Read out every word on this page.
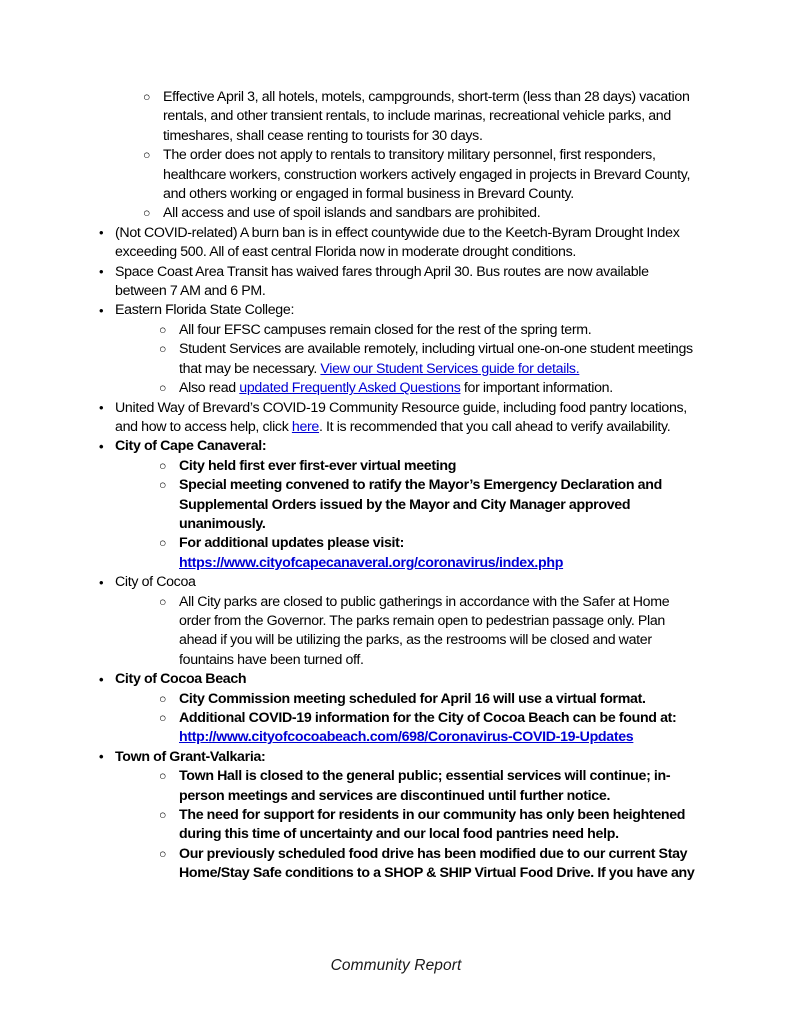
○ Effective April 3, all hotels, motels, campgrounds, short-term (less than 28 days) vacation rentals, and other transient rentals, to include marinas, recreational vehicle parks, and timeshares, shall cease renting to tourists for 30 days.
○ The order does not apply to rentals to transitory military personnel, first responders, healthcare workers, construction workers actively engaged in projects in Brevard County, and others working or engaged in formal business in Brevard County.
○ All access and use of spoil islands and sandbars are prohibited.
• (Not COVID-related) A burn ban is in effect countywide due to the Keetch-Byram Drought Index exceeding 500. All of east central Florida now in moderate drought conditions.
• Space Coast Area Transit has waived fares through April 30. Bus routes are now available between 7 AM and 6 PM.
• Eastern Florida State College:
○ All four EFSC campuses remain closed for the rest of the spring term.
○ Student Services are available remotely, including virtual one-on-one student meetings that may be necessary. View our Student Services guide for details.
○ Also read updated Frequently Asked Questions for important information.
• United Way of Brevard’s COVID-19 Community Resource guide, including food pantry locations, and how to access help, click here. It is recommended that you call ahead to verify availability.
• City of Cape Canaveral:
○ City held first ever first-ever virtual meeting
○ Special meeting convened to ratify the Mayor’s Emergency Declaration and Supplemental Orders issued by the Mayor and City Manager approved unanimously.
○ For additional updates please visit:
https://www.cityofcapecanaveral.org/coronavirus/index.php
• City of Cocoa
○ All City parks are closed to public gatherings in accordance with the Safer at Home order from the Governor. The parks remain open to pedestrian passage only. Plan ahead if you will be utilizing the parks, as the restrooms will be closed and water fountains have been turned off.
• City of Cocoa Beach
○ City Commission meeting scheduled for April 16 will use a virtual format.
○ Additional COVID-19 information for the City of Cocoa Beach can be found at:
http://www.cityofcocoabeach.com/698/Coronavirus-COVID-19-Updates
• Town of Grant-Valkaria:
○ Town Hall is closed to the general public; essential services will continue; in-person meetings and services are discontinued until further notice.
○ The need for support for residents in our community has only been heightened during this time of uncertainty and our local food pantries need help.
○ Our previously scheduled food drive has been modified due to our current Stay Home/Stay Safe conditions to a SHOP & SHIP Virtual Food Drive. If you have any
Community Report
